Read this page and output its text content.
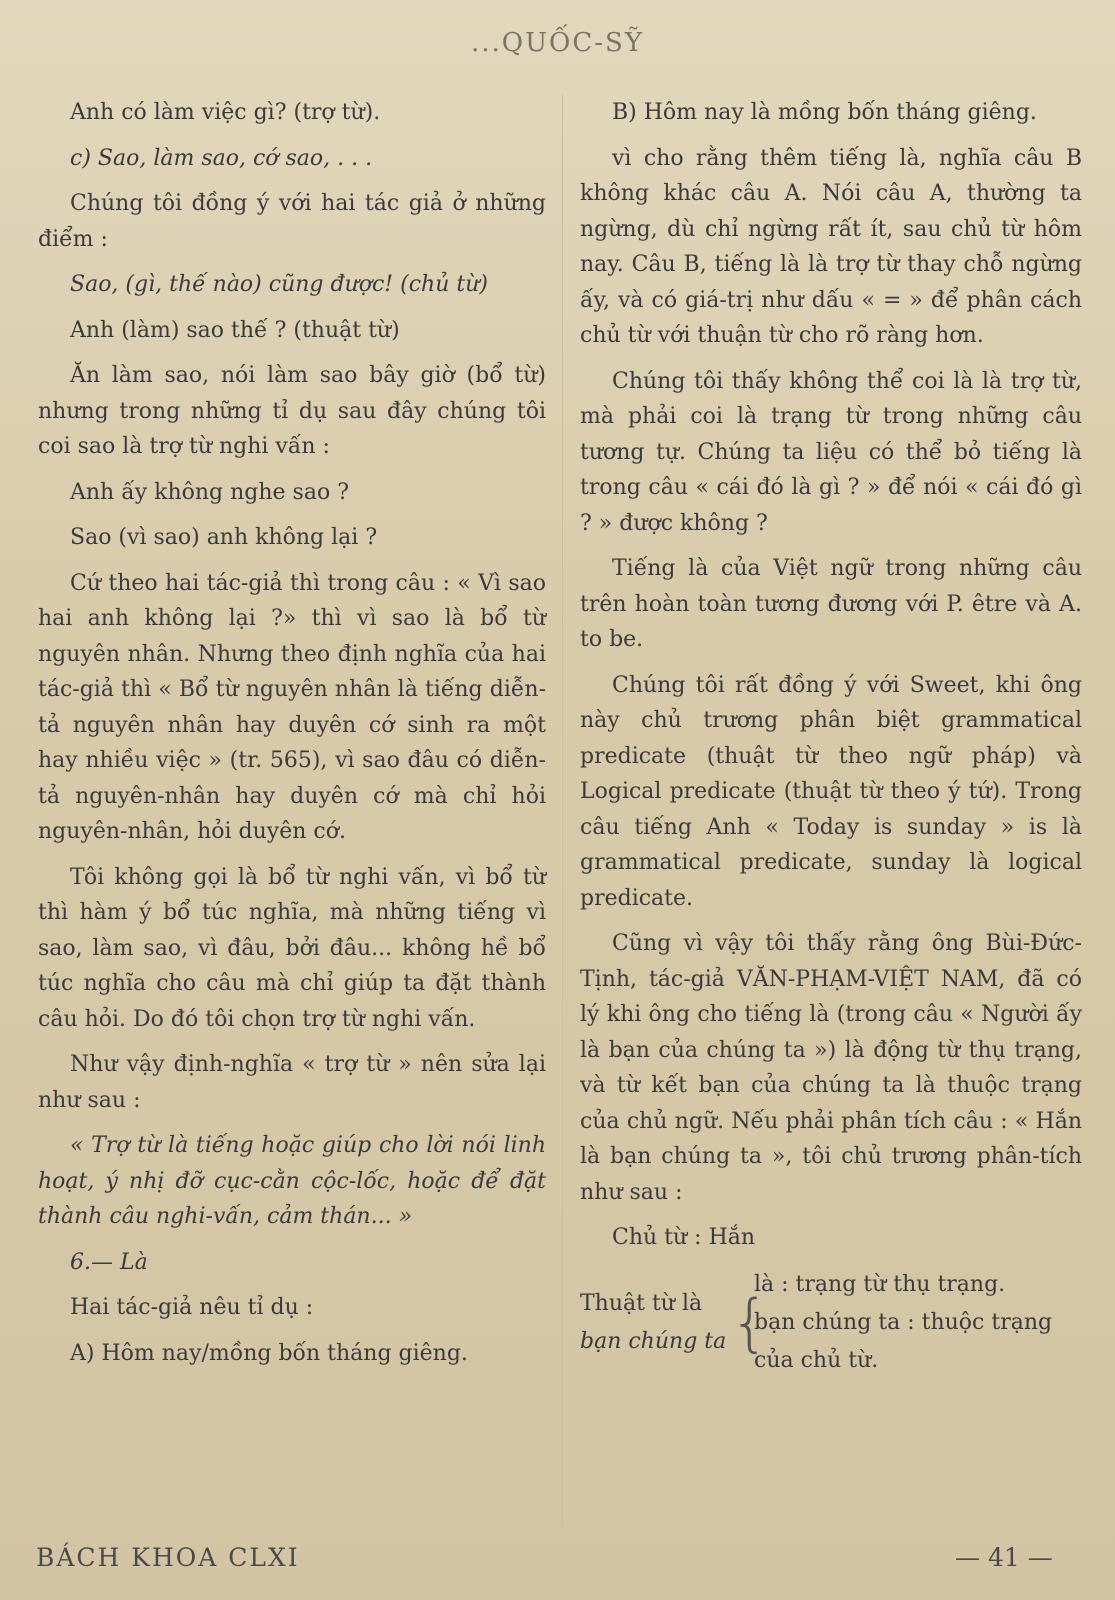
...QUỐC-SỸ

Anh có làm việc gì? (trợ từ).

c) Sao, làm sao, cớ sao, . . .

Chúng tôi đồng ý với hai tác giả ở những điểm :

Sao, (gì, thế nào) cũng được! (chủ từ)

Anh (làm) sao thế ? (thuật từ)

Ăn làm sao, nói làm sao bây giờ (bổ từ) nhưng trong những tỉ dụ sau đây chúng tôi coi sao là trợ từ nghi vấn :

Anh ấy không nghe sao ?

Sao (vì sao) anh không lại ?

Cứ theo hai tác-giả thì trong câu : « Vì sao hai anh không lại ?» thì vì sao là bổ từ nguyên nhân. Nhưng theo định nghĩa của hai tác-giả thì « Bổ từ nguyên nhân là tiếng diễn-tả nguyên nhân hay duyên cớ sinh ra một hay nhiều việc » (tr. 565), vì sao đâu có diễn-tả nguyên-nhân hay duyên cớ mà chỉ hỏi nguyên-nhân, hỏi duyên cớ.

Tôi không gọi là bổ từ nghi vấn, vì bổ từ thì hàm ý bổ túc nghĩa, mà những tiếng vì sao, làm sao, vì đâu, bởi đâu... không hề bổ túc nghĩa cho câu mà chỉ giúp ta đặt thành câu hỏi. Do đó tôi chọn trợ từ nghi vấn.

Như vậy định-nghĩa « trợ từ » nên sửa lại như sau :

« Trợ từ là tiếng hoặc giúp cho lời nói linh hoạt, ý nhị đỡ cục-cằn cộc-lốc, hoặc để đặt thành câu nghi-vấn, cảm thán... »

6.— Là

Hai tác-giả nêu tỉ dụ :

A) Hôm nay/mồng bốn tháng giêng.

B) Hôm nay là mồng bốn tháng giêng.

vì cho rằng thêm tiếng là, nghĩa câu B không khác câu A. Nói câu A, thường ta ngừng, dù chỉ ngừng rất ít, sau chủ từ hôm nay. Câu B, tiếng là là trợ từ thay chỗ ngừng ấy, và có giá-trị như dấu « = » để phân cách chủ từ với thuận từ cho rõ ràng hơn.

Chúng tôi thấy không thể coi là là trợ từ, mà phải coi là trạng từ trong những câu tương tự. Chúng ta liệu có thể bỏ tiếng là trong câu « cái đó là gì ? » để nói « cái đó gì ? » được không ?

Tiếng là của Việt ngữ trong những câu trên hoàn toàn tương đương với P. être và A. to be.

Chúng tôi rất đồng ý với Sweet, khi ông này chủ trương phân biệt grammatical predicate (thuật từ theo ngữ pháp) và Logical predicate (thuật từ theo ý tứ). Trong câu tiếng Anh « Today is sunday » is là grammatical predicate, sunday là logical predicate.

Cũng vì vậy tôi thấy rằng ông Bùi-Đức-Tịnh, tác-giả VĂN-PHẠM-VIỆT NAM, đã có lý khi ông cho tiếng là (trong câu « Người ấy là bạn của chúng ta ») là động từ thụ trạng, và từ kết bạn của chúng ta là thuộc trạng của chủ ngữ. Nếu phải phân tích câu : « Hắn là bạn chúng ta », tôi chủ trương phân-tích như sau :

Chủ từ : Hắn

Thuật từ là
bạn chúng ta {
là : trạng từ thụ trạng.
bạn chúng ta : thuộc trạng của chủ từ.
BÁCH KHOA CLXI	— 41 —
